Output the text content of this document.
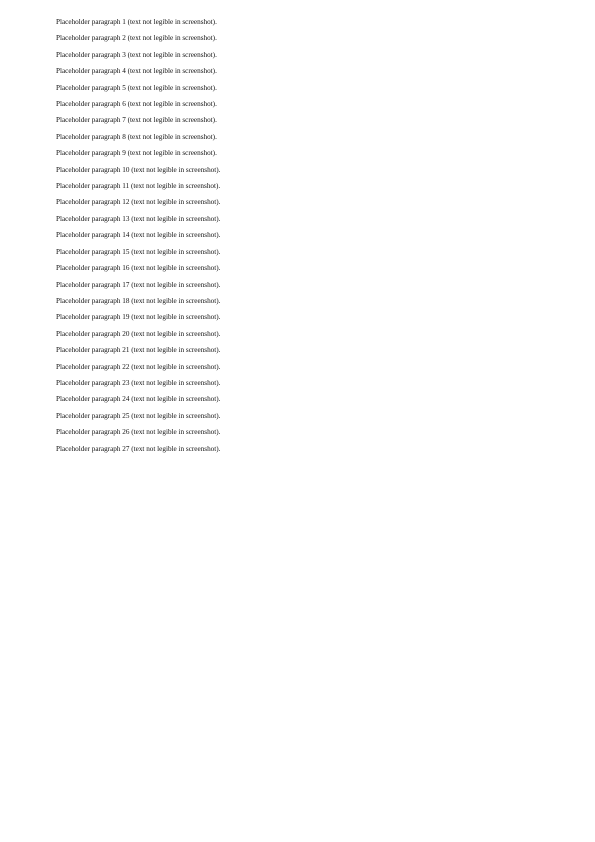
Placeholder paragraph 1 (text not legible in screenshot).

Placeholder paragraph 2 (text not legible in screenshot).

Placeholder paragraph 3 (text not legible in screenshot).

Placeholder paragraph 4 (text not legible in screenshot).

Placeholder paragraph 5 (text not legible in screenshot).

Placeholder paragraph 6 (text not legible in screenshot).

Placeholder paragraph 7 (text not legible in screenshot).

Placeholder paragraph 8 (text not legible in screenshot).

Placeholder paragraph 9 (text not legible in screenshot).

Placeholder paragraph 10 (text not legible in screenshot).

Placeholder paragraph 11 (text not legible in screenshot).

Placeholder paragraph 12 (text not legible in screenshot).

Placeholder paragraph 13 (text not legible in screenshot).

Placeholder paragraph 14 (text not legible in screenshot).

Placeholder paragraph 15 (text not legible in screenshot).

Placeholder paragraph 16 (text not legible in screenshot).

Placeholder paragraph 17 (text not legible in screenshot).

Placeholder paragraph 18 (text not legible in screenshot).

Placeholder paragraph 19 (text not legible in screenshot).

Placeholder paragraph 20 (text not legible in screenshot).

Placeholder paragraph 21 (text not legible in screenshot).

Placeholder paragraph 22 (text not legible in screenshot).

Placeholder paragraph 23 (text not legible in screenshot).

Placeholder paragraph 24 (text not legible in screenshot).

Placeholder paragraph 25 (text not legible in screenshot).

Placeholder paragraph 26 (text not legible in screenshot).

Placeholder paragraph 27 (text not legible in screenshot).
